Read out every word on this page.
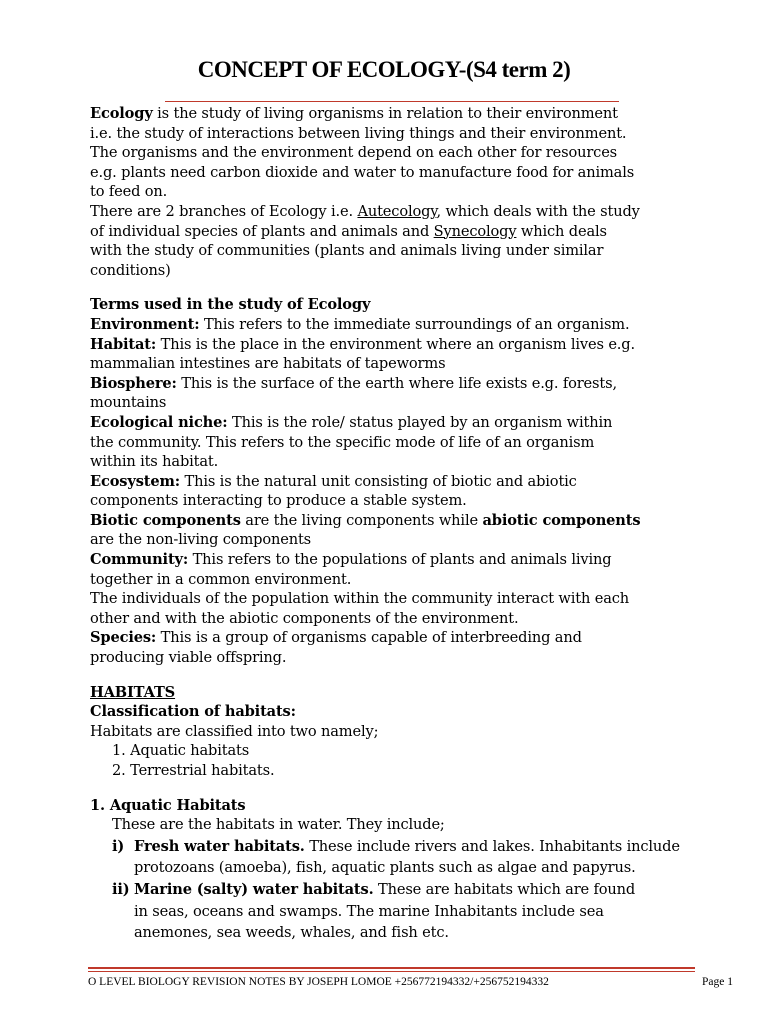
CONCEPT OF ECOLOGY-(S4 term 2)

Ecology is the study of living organisms in relation to their environment

i.e. the study of interactions between living things and their environment.

The organisms and the environment depend on each other for resources

e.g. plants need carbon dioxide and water to manufacture food for animals

to feed on.

There are 2 branches of Ecology i.e. Autecology, which deals with the study

of individual species of plants and animals and Synecology which deals

with the study of communities (plants and animals living under similar

conditions)

Terms used in the study of Ecology

Environment: This refers to the immediate surroundings of an organism.

Habitat: This is the place in the environment where an organism lives e.g.

mammalian intestines are habitats of tapeworms

Biosphere: This is the surface of the earth where life exists e.g. forests,

mountains

Ecological niche: This is the role/ status played by an organism within

the community. This refers to the specific mode of life of an organism

within its habitat.

Ecosystem: This is the natural unit consisting of biotic and abiotic

components interacting to produce a stable system.

Biotic components are the living components while abiotic components

are the non-living components

Community: This refers to the populations of plants and animals living

together in a common environment.

The individuals of the population within the community interact with each

other and with the abiotic components of the environment.

Species: This is a group of organisms capable of interbreeding and

producing viable offspring.

HABITATS

Classification of habitats:

Habitats are classified into two namely;

1. Aquatic habitats

2. Terrestrial habitats.

1. Aquatic Habitats

These are the habitats in water. They include;

i) Fresh water habitats. These include rivers and lakes. Inhabitants include

protozoans (amoeba), fish, aquatic plants such as algae and papyrus.

ii) Marine (salty) water habitats. These are habitats which are found

in seas, oceans and swamps. The marine Inhabitants include sea

anemones, sea weeds, whales, and fish etc.

O LEVEL BIOLOGY REVISION NOTES BY JOSEPH LOMOE +256772194332/+256752194332	Page 1
